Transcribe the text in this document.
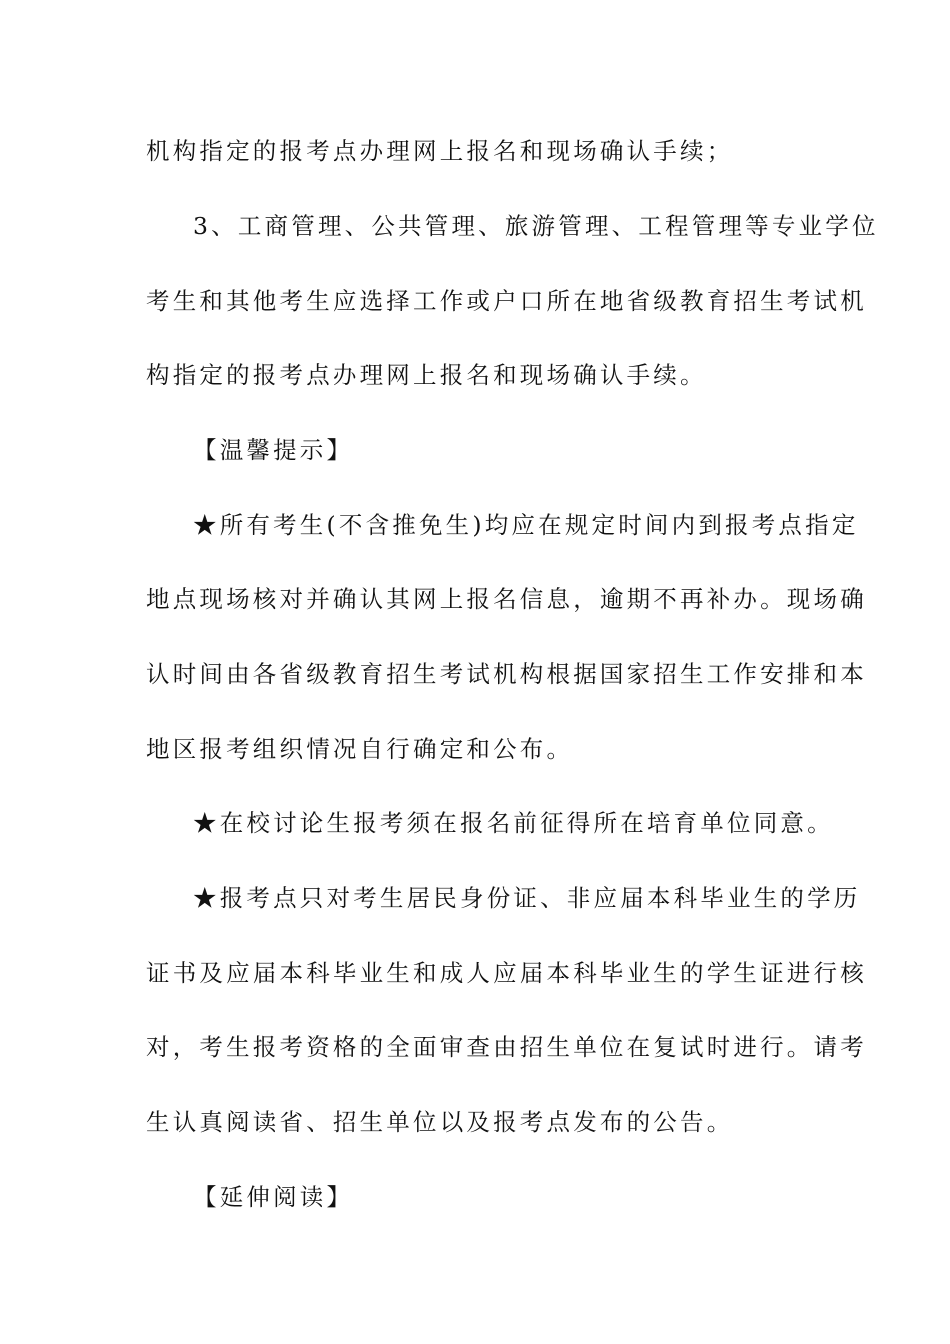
机构指定的报考点办理网上报名和现场确认手续；
3、工商管理、公共管理、旅游管理、工程管理等专业学位
考生和其他考生应选择工作或户口所在地省级教育招生考试机
构指定的报考点办理网上报名和现场确认手续。
【温馨提示】
★所有考生(不含推免生)均应在规定时间内到报考点指定
地点现场核对并确认其网上报名信息，逾期不再补办。现场确
认时间由各省级教育招生考试机构根据国家招生工作安排和本
地区报考组织情况自行确定和公布。
★在校讨论生报考须在报名前征得所在培育单位同意。
★报考点只对考生居民身份证、非应届本科毕业生的学历
证书及应届本科毕业生和成人应届本科毕业生的学生证进行核
对，考生报考资格的全面审查由招生单位在复试时进行。请考
生认真阅读省、招生单位以及报考点发布的公告。
【延伸阅读】
